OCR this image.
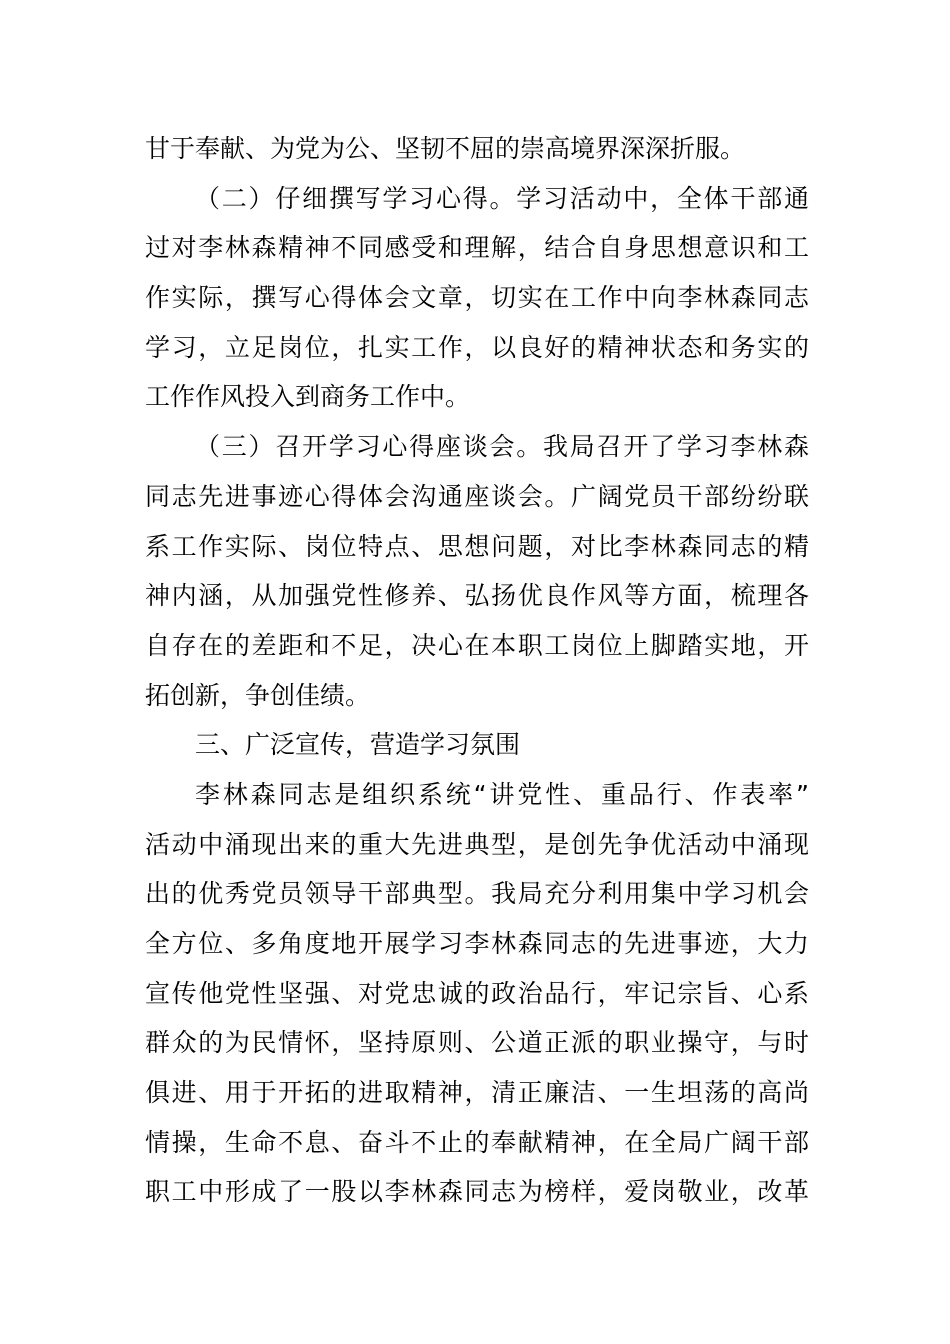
甘于奉献、为党为公、坚韧不屈的崇高境界深深折服。
（二）仔细撰写学习心得。学习活动中，全体干部通
过对李林森精神不同感受和理解，结合自身思想意识和工
作实际，撰写心得体会文章，切实在工作中向李林森同志
学习，立足岗位，扎实工作，以良好的精神状态和务实的
工作作风投入到商务工作中。
（三）召开学习心得座谈会。我局召开了学习李林森
同志先进事迹心得体会沟通座谈会。广阔党员干部纷纷联
系工作实际、岗位特点、思想问题，对比李林森同志的精
神内涵，从加强党性修养、弘扬优良作风等方面，梳理各
自存在的差距和不足，决心在本职工岗位上脚踏实地，开
拓创新，争创佳绩。
三、广泛宣传，营造学习氛围
李林森同志是组织系统“讲党性、重品行、作表率”
活动中涌现出来的重大先进典型，是创先争优活动中涌现
出的优秀党员领导干部典型。我局充分利用集中学习机会
全方位、多角度地开展学习李林森同志的先进事迹，大力
宣传他党性坚强、对党忠诚的政治品行，牢记宗旨、心系
群众的为民情怀，坚持原则、公道正派的职业操守，与时
俱进、用于开拓的进取精神，清正廉洁、一生坦荡的高尚
情操，生命不息、奋斗不止的奉献精神，在全局广阔干部
职工中形成了一股以李林森同志为榜样，爱岗敬业，改革
